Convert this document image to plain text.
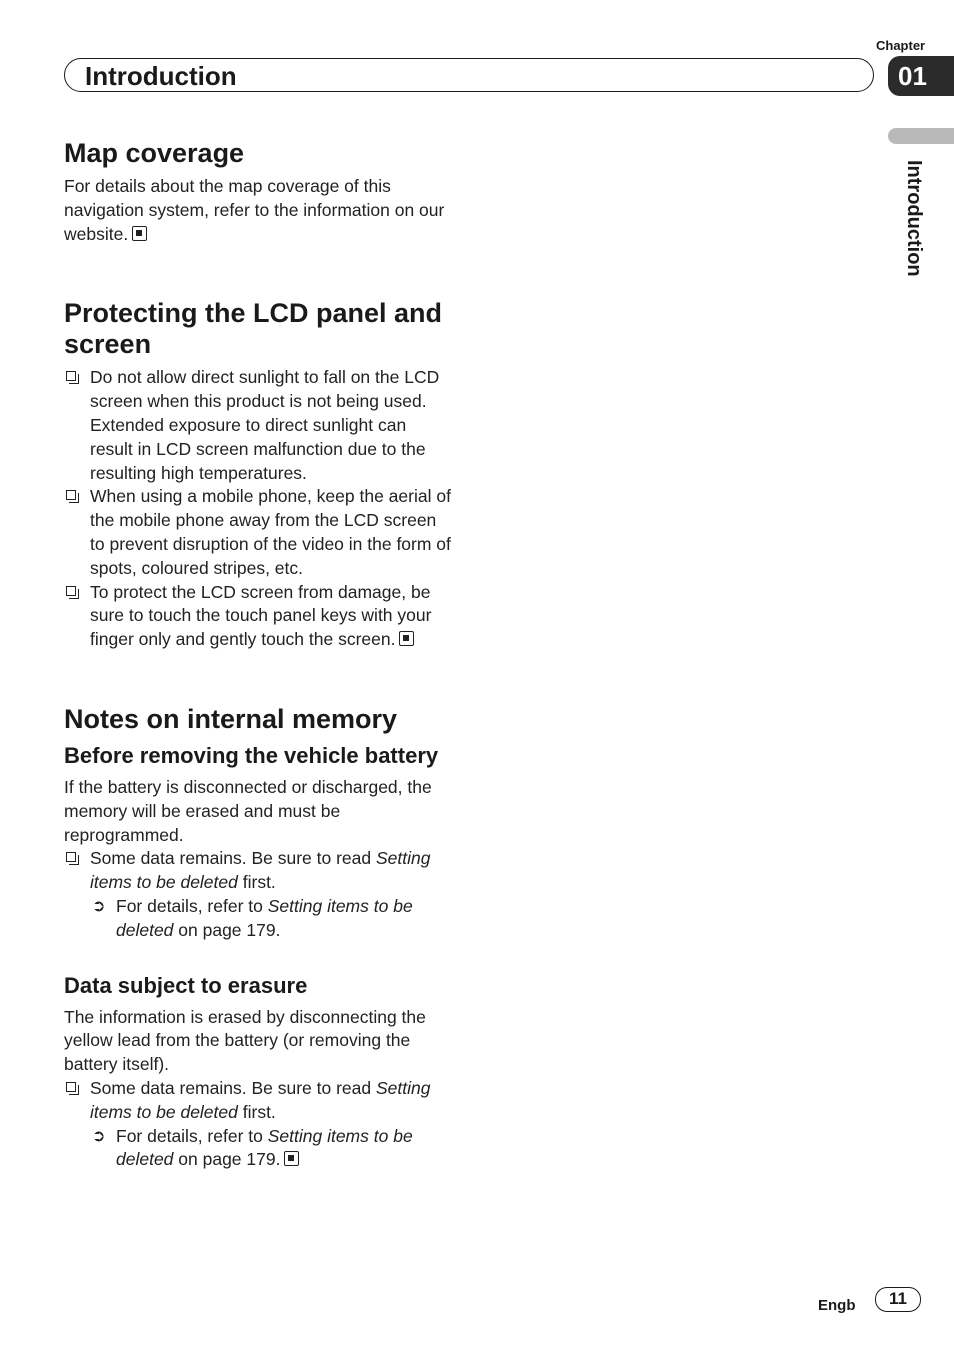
Chapter
Introduction	01
Introduction
Map coverage

For details about the map coverage of this navigation system, refer to the information on our website.

Protecting the LCD panel and screen
Do not allow direct sunlight to fall on the LCD screen when this product is not being used. Extended exposure to direct sunlight can result in LCD screen malfunction due to the resulting high temperatures.
When using a mobile phone, keep the aerial of the mobile phone away from the LCD screen to prevent disruption of the video in the form of spots, coloured stripes, etc.
To protect the LCD screen from damage, be sure to touch the touch panel keys with your finger only and gently touch the screen.
Notes on internal memory
Before removing the vehicle battery

If the battery is disconnected or discharged, the memory will be erased and must be reprogrammed.

Some data remains. Be sure to read Setting items to be deleted first.
➲ For details, refer to Setting items to be deleted on page 179.
Data subject to erasure

The information is erased by disconnecting the yellow lead from the battery (or removing the battery itself).

Some data remains. Be sure to read Setting items to be deleted first.
➲ For details, refer to Setting items to be deleted on page 179.
Engb	11
